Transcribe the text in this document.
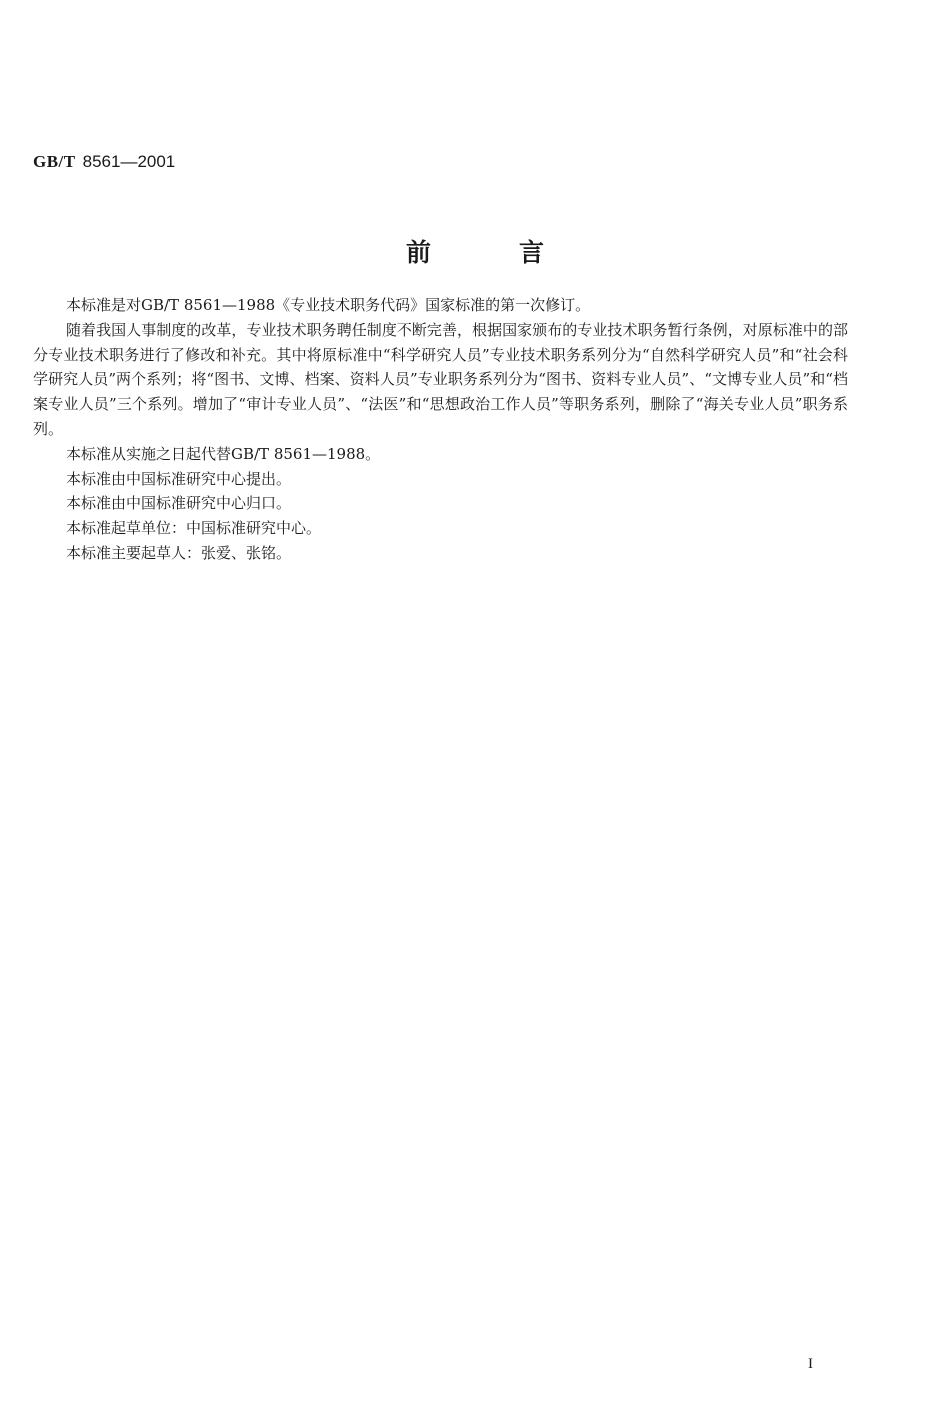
GB/T 8561—2001
前言

本标准是对GB/T 8561—1988《专业技术职务代码》国家标准的第一次修订。

随着我国人事制度的改革，专业技术职务聘任制度不断完善，根据国家颁布的专业技术职务暂行条例，对原标准中的部分专业技术职务进行了修改和补充。其中将原标准中“科学研究人员”专业技术职务系列分为“自然科学研究人员”和“社会科学研究人员”两个系列；将“图书、文博、档案、资料人员”专业职务系列分为“图书、资料专业人员”、“文博专业人员”和“档案专业人员”三个系列。增加了“审计专业人员”、“法医”和“思想政治工作人员”等职务系列，删除了“海关专业人员”职务系列。

本标准从实施之日起代替GB/T 8561—1988。

本标准由中国标准研究中心提出。

本标准由中国标准研究中心归口。

本标准起草单位：中国标准研究中心。

本标准主要起草人：张爱、张铭。

I
